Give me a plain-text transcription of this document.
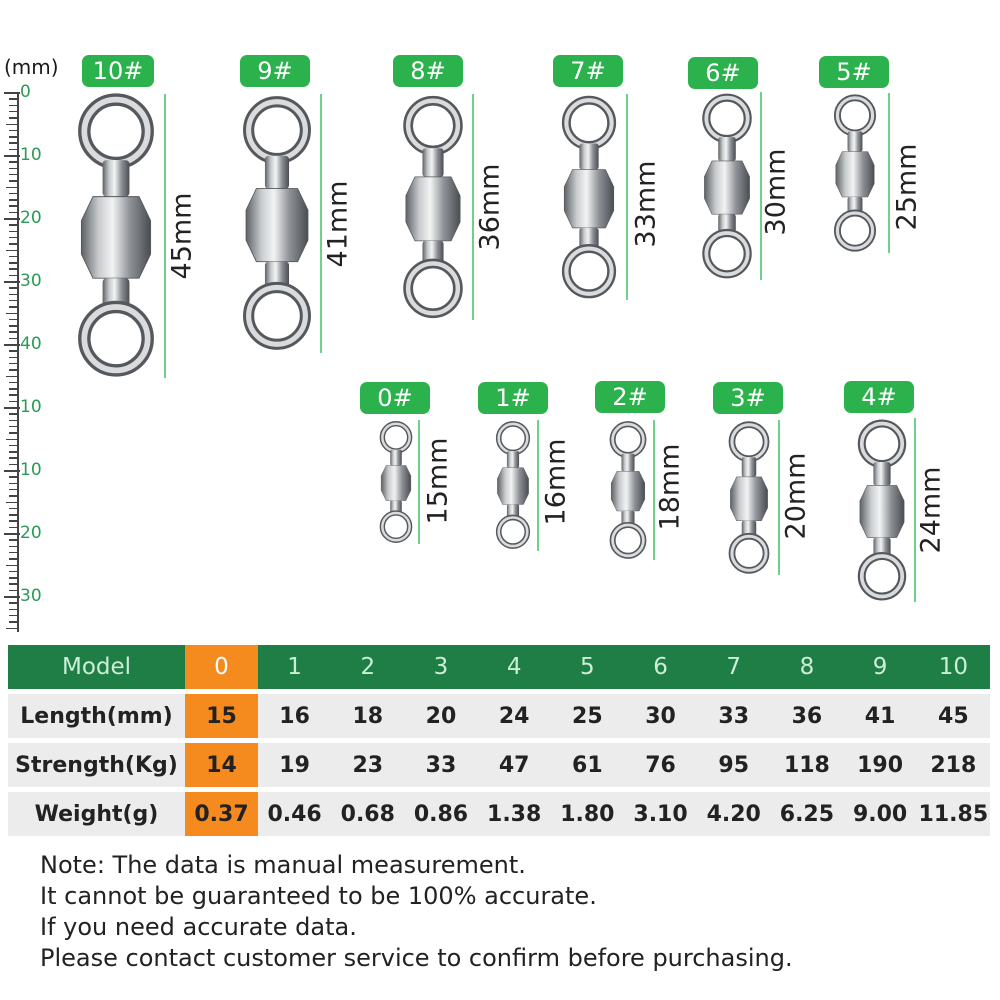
(mm)
0
10
20
30
40
10
10
20
30
10#
45mm
9#
41mm
8#
36mm
7#
33mm
6#
30mm
5#
25mm
0#
15mm
1#
16mm
2#
18mm
3#
20mm
4#
24mm
Model	0	1	2	3	4	5	6	7	8	9	10
Length(mm)	15	16	18	20	24	25	30	33	36	41	45
Strength(Kg)	14	19	23	33	47	61	76	95	118	190	218
Weight(g)	0.37	0.46	0.68	0.86	1.38	1.80	3.10	4.20	6.25	9.00	11.85
Note: The data is manual measurement.
It cannot be guaranteed to be 100% accurate.
If you need accurate data.
Please contact customer service to confirm before purchasing.
